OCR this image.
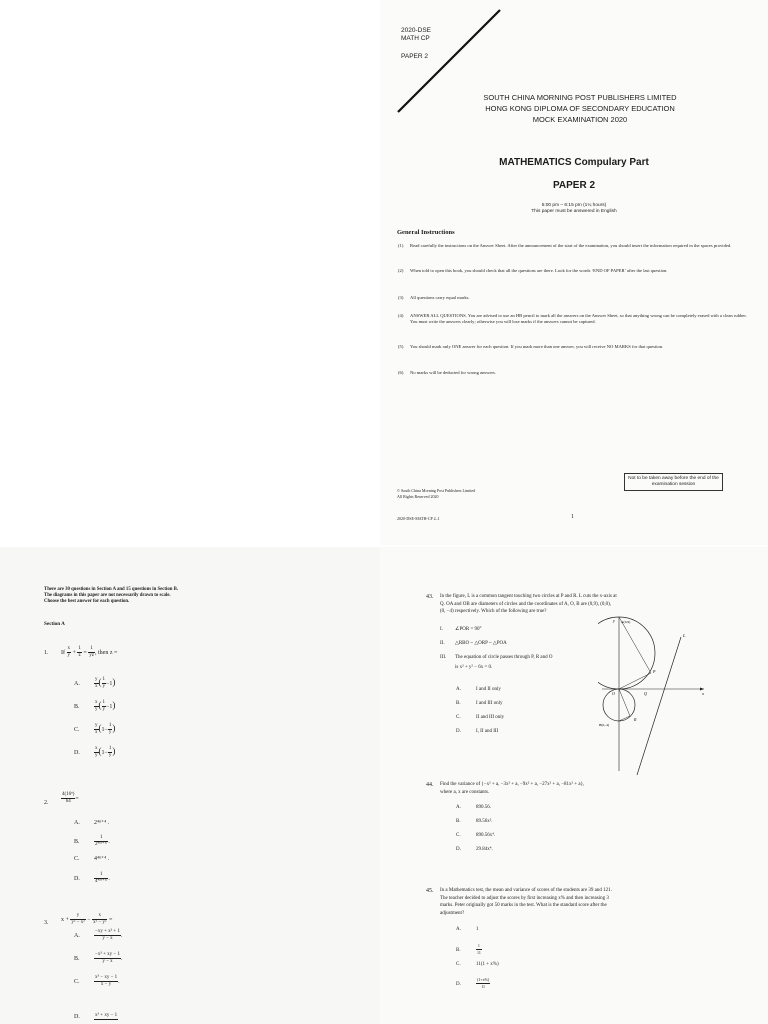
2020-DSE
MATH CP
PAPER 2
SOUTH CHINA MORNING POST PUBLISHERS LIMITED
HONG KONG DIPLOMA OF SECONDARY EDUCATION
MOCK EXAMINATION 2020
MATHEMATICS Compulary Part
PAPER 2
5:00 pm – 6:15 pm (1¼ hours)
This paper must be answered in English
General Instructions
(1) Read carefully the instructions on the Answer Sheet. After the announcement of the start of the examination, you should insert the information required in the spaces provided.
(2) When told to open this book, you should check that all the questions are there. Look for the words ‘END OF PAPER’ after the last question.
(3) All questions carry equal marks.
(4) ANSWER ALL QUESTIONS. You are advised to use an HB pencil to mark all the answers on the Answer Sheet, so that anything wrong can be completely erased with a clean rubber. You must write the answers clearly; otherwise you will lose marks if the answers cannot be captured.
(5) You should mark only ONE answer for each question. If you mark more than one answer, you will receive NO MARKS for that question.
(6) No marks will be deducted for wrong answers.
Not to be taken away before the end of the examination session
© South China Morning Post Publishers Limited
All Rights Reserved 2020
2020-DSE-MATH-CP 2–1	1
There are 30 questions in Section A and 15 questions in Section B.
The diagrams in this paper are not necessarily drawn to scale.
Choose the best answer for each question.
Section A
1. If $\frac{x}{y} + \frac{1}{z} = \frac{1}{yz}$ , then z =
A.	$\frac{y}{x}$ ( $\frac{1}{y} -1$)
B.	$\frac{x}{y}$ ( $\frac{1}{y} -1$)
C.	$\frac{y}{x} (1- \frac{1}{y}$ )
D.	$\frac{x}{y} (1- \frac{1}{y}$ )
2.	$\frac{\text{4(16ⁿ)}}{64}$ =
A. 2⁴ⁿ⁺⁴ .
B.	$\frac{1}{\text{2⁴⁽ⁿ⁺¹⁾}}$ .
C. 4⁴ⁿ⁺⁴ .
D.	$\frac{1}{\text{4⁴⁽ⁿ⁺¹⁾}}$ .
3.
$x + \frac{y}{\text{y² − x²}} - \frac{x}{\text{x² − y²}}$ =
A.	$\frac{\text{−xy + x² + 1}}{y - x}$ .
B.	$\frac{\text{−x³ + xy − 1}}{y - x}$ .
C.	$\frac{\text{x³ − xy − 1}}{x - y}$ .
D.	x³ + xy − 1
43. In the figure, L is a common tangent touching two circles at P and R. L cuts the x-axis at
Q. OA and OB are diameters of circles and the coordinates of A, O, B are (0,9), (0,0),
(0, −4) respectively. Which of the following are true?
I. ∠POR = 90°
II. △RBO ~ △ORP ~ △POA
III. The equation of circle passes through P, R and O
is x² + y² − 6x = 0.
A.	I and II only
B.	I and III only
C.	II and III only
D.	I, II and III
y A(0,9)
L
P
O	Q	x
R
B(0,-4)
44. Find the variance of {−x² + a, −3x² + a, −9x² + a, −27x² + a, −81x² + a},
where a, x are constants.
A.	890.56.
B.	89.56x².
C.	890.56x⁴.
D.	29.84x⁴.
45. In a Mathematics test, the mean and variance of scores of the students are 39 and 121.
The teacher decided to adjust the scores by first increasing x% and then increasing 3
marks. Peter originally got 50 marks in the test. What is the standard score after the
adjustment?
A.	1
B.	$\frac{1}{11}$
C.	11(1 + x%)
D.	$\frac{(1+x\%)}{11}$
